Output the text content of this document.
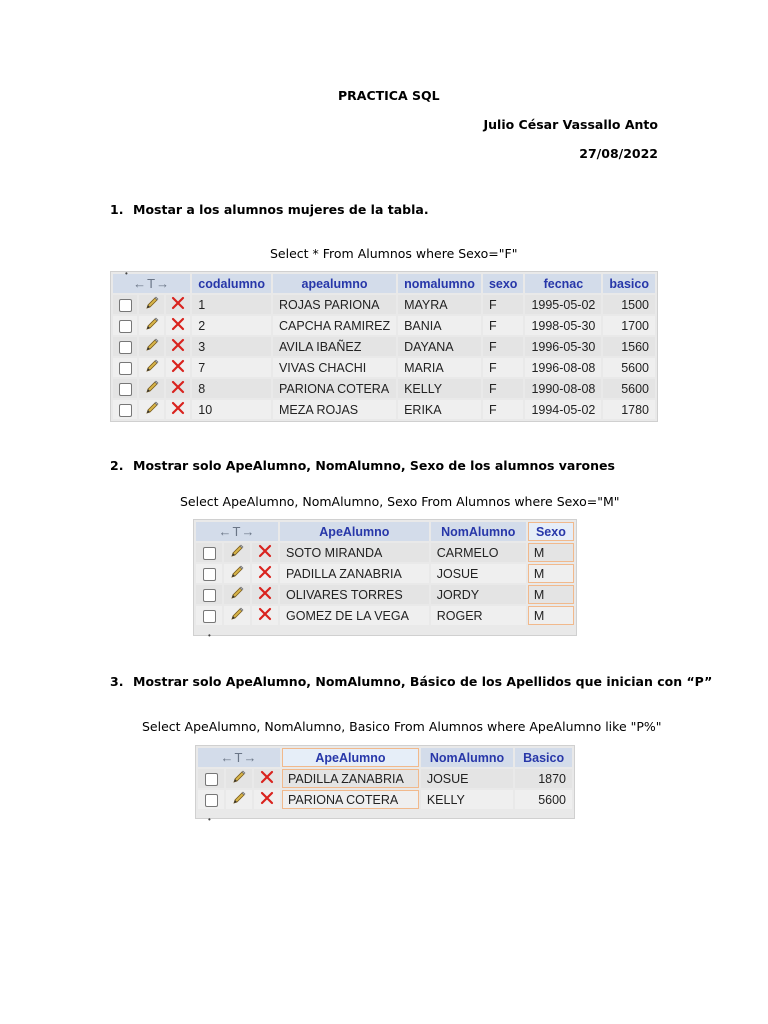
PRACTICA SQL
Julio César Vassallo Anto
27/08/2022
1. Mostar a los alumnos mujeres de la tabla.
Select * From Alumnos where Sexo="F"
•
←T→			codalumno	apealumno	nomalumno	sexo	fecnac	basico
			1	ROJAS PARIONA	MAYRA	F	1995-05-02	1500
			2	CAPCHA RAMIREZ	BANIA	F	1998-05-30	1700
			3	AVILA IBAÑEZ	DAYANA	F	1996-05-30	1560
			7	VIVAS CHACHI	MARIA	F	1996-08-08	5600
			8	PARIONA COTERA	KELLY	F	1990-08-08	5600
			10	MEZA ROJAS	ERIKA	F	1994-05-02	1780
2. Mostrar solo ApeAlumno, NomAlumno, Sexo de los alumnos varones
Select ApeAlumno, NomAlumno, Sexo From Alumnos where Sexo="M"
←T→			ApeAlumno	NomAlumno	Sexo
			SOTO MIRANDA	CARMELO	M
			PADILLA ZANABRIA	JOSUE	M
			OLIVARES TORRES	JORDY	M
			GOMEZ DE LA VEGA	ROGER	M
•
3. Mostrar solo ApeAlumno, NomAlumno, Básico de los Apellidos que inician con “P”
Select ApeAlumno, NomAlumno, Basico From Alumnos where ApeAlumno like "P%"
←T→			ApeAlumno	NomAlumno	Basico
			PADILLA ZANABRIA	JOSUE	1870
			PARIONA COTERA	KELLY	5600
•
